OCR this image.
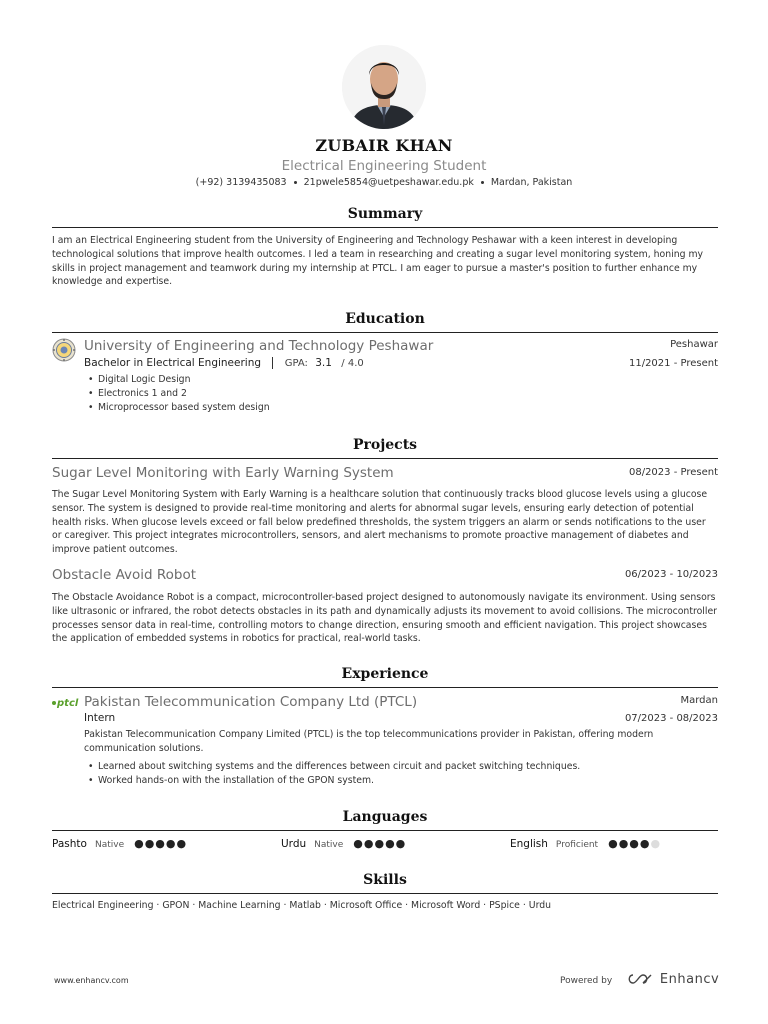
ZUBAIR KHAN
Electrical Engineering Student
(+92) 3139435083 21pwele5854@uetpeshawar.edu.pk Mardan, Pakistan
Summary
I am an Electrical Engineering student from the University of Engineering and Technology Peshawar with a keen interest in developing technological solutions that improve health outcomes. I led a team in researching and creating a sugar level monitoring system, honing my skills in project management and teamwork during my internship at PTCL. I am eager to pursue a master's position to further enhance my knowledge and expertise.
Education
University of Engineering and Technology Peshawar
Bachelor in Electrical Engineering GPA: 3.1 / 4.0
• Digital Logic Design
• Electronics 1 and 2
• Microprocessor based system design
Peshawar
11/2021 - Present
Projects
Sugar Level Monitoring with Early Warning System	08/2023 - Present
The Sugar Level Monitoring System with Early Warning is a healthcare solution that continuously tracks blood glucose levels using a glucose sensor. The system is designed to provide real-time monitoring and alerts for abnormal sugar levels, ensuring early detection of potential health risks. When glucose levels exceed or fall below predefined thresholds, the system triggers an alarm or sends notifications to the user or caregiver. This project integrates microcontrollers, sensors, and alert mechanisms to promote proactive management of diabetes and improve patient outcomes.
Obstacle Avoid Robot	06/2023 - 10/2023
The Obstacle Avoidance Robot is a compact, microcontroller-based project designed to autonomously navigate its environment. Using sensors like ultrasonic or infrared, the robot detects obstacles in its path and dynamically adjusts its movement to avoid collisions. The microcontroller processes sensor data in real-time, controlling motors to change direction, ensuring smooth and efficient navigation. This project showcases the application of embedded systems in robotics for practical, real-world tasks.
Experience
ptcl Pakistan Telecommunication Company Ltd (PTCL)
Intern
Pakistan Telecommunication Company Limited (PTCL) is the top telecommunications provider in Pakistan, offering modern communication solutions.
• Learned about switching systems and the differences between circuit and packet switching techniques.
• Worked hands-on with the installation of the GPON system.
Mardan
07/2023 - 08/2023
Languages
Pashto Native ●●●●●	Urdu Native ●●●●●	English Proficient ●●●●●
Skills
Electrical Engineering · GPON · Machine Learning · Matlab · Microsoft Office · Microsoft Word · PSpice · Urdu
www.enhancv.com	Powered by	Enhancv
